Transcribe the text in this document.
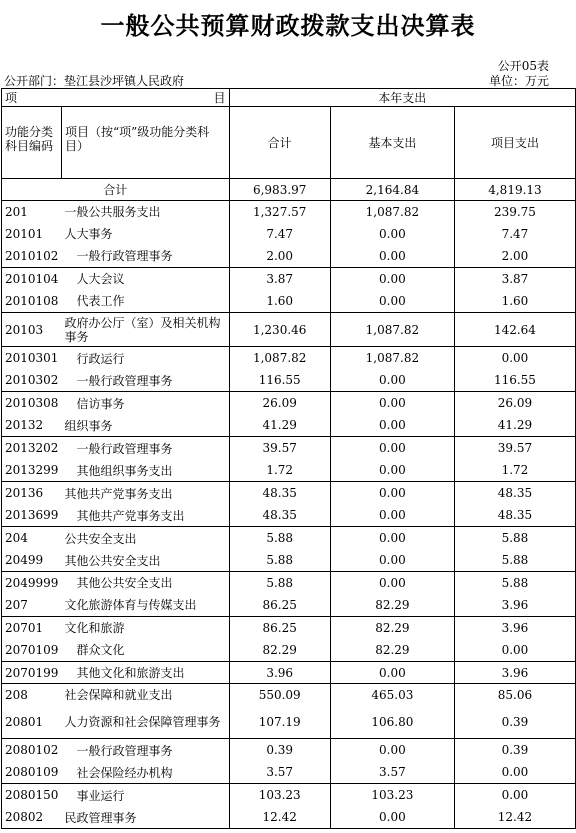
一般公共预算财政拨款支出决算表
公开05表
公开部门：垫江县沙坪镇人民政府	单位：万元
项	目	本年支出		
功能分类科目编码	项目（按“项”级功能分类科目）	合计	基本支出	项目支出
合计		6,983.97	2,164.84	4,819.13
201	一般公共服务支出	1,327.57	1,087.82	239.75
20101	人大事务	7.47	0.00	7.47
2010102	　一般行政管理事务	2.00	0.00	2.00
2010104	　人大会议	3.87	0.00	3.87
2010108	　代表工作	1.60	0.00	1.60
20103	政府办公厅（室）及相关机构事务	1,230.46	1,087.82	142.64
2010301	　行政运行	1,087.82	1,087.82	0.00
2010302	　一般行政管理事务	116.55	0.00	116.55
2010308	　信访事务	26.09	0.00	26.09
20132	组织事务	41.29	0.00	41.29
2013202	　一般行政管理事务	39.57	0.00	39.57
2013299	　其他组织事务支出	1.72	0.00	1.72
20136	其他共产党事务支出	48.35	0.00	48.35
2013699	　其他共产党事务支出	48.35	0.00	48.35
204	公共安全支出	5.88	0.00	5.88
20499	其他公共安全支出	5.88	0.00	5.88
2049999	　其他公共安全支出	5.88	0.00	5.88
207	文化旅游体育与传媒支出	86.25	82.29	3.96
20701	文化和旅游	86.25	82.29	3.96
2070109	　群众文化	82.29	82.29	0.00
2070199	　其他文化和旅游支出	3.96	0.00	3.96
208	社会保障和就业支出	550.09	465.03	85.06
20801	人力资源和社会保障管理事务	107.19	106.80	0.39
2080102	　一般行政管理事务	0.39	0.00	0.39
2080109	　社会保险经办机构	3.57	3.57	0.00
2080150	　事业运行	103.23	103.23	0.00
20802	民政管理事务	12.42	0.00	12.42
